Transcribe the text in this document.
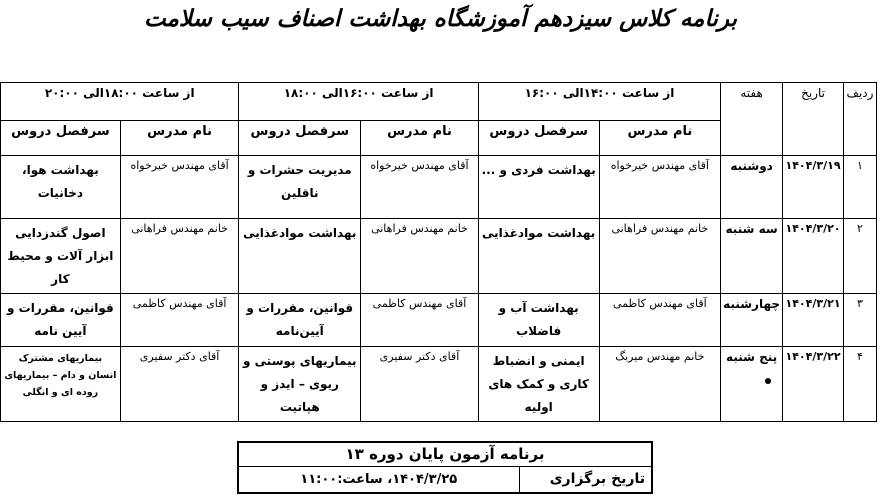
برنامه کلاس سیزدهم آموزشگاه بهداشت اصناف سیب سلامت
ردیف	تاریخ	هفته	از ساعت ۱۴:۰۰الی ۱۶:۰۰		از ساعت ۱۶:۰۰الی ۱۸:۰۰		از ساعت ۱۸:۰۰الی ۲۰:۰۰	
			نام مدرس	سرفصل دروس	نام مدرس	سرفصل دروس	نام مدرس	سرفصل دروس
۱	۱۴۰۴/۳/۱۹	دوشنبه	آقای مهندس خیرخواه	بهداشت فردی و ...	آقای مهندس خیرخواه	مدیریت حشرات و ناقلین	آقای مهندس خیرخواه	بهداشت هوا، دخانیات
۲	۱۴۰۴/۳/۲۰	سه شنبه	خانم مهندس فراهانی	بهداشت موادغذایی	خانم مهندس فراهانی	بهداشت موادغذایی	خانم مهندس فراهانی	اصول گندزدایی ابزار آلات و محیط کار
۳	۱۴۰۴/۳/۲۱	چهارشنبه	آقای مهندس کاظمی	بهداشت آب و فاضلاب	آقای مهندس کاظمی	قوانین، مقررات و آیین‌نامه	آقای مهندس کاظمی	قوانین، مقررات و آیین نامه
۴	۱۴۰۴/۳/۲۲	پنج شنبه	خانم مهندس میربگ	ایمنی و انضباط کاری و کمک های اولیه	آقای دکتر سفیری	بیماریهای پوستی و ریوی – ایدز و هپاتیت	آقای دکتر سفیری	بیماریهای مشترک انسان و دام – بیماریهای روده ای و انگلی
برنامه آزمون پایان دوره ۱۳
تاریخ برگزاری	۱۴۰۴/۳/۲۵، ساعت:۱۱:۰۰
